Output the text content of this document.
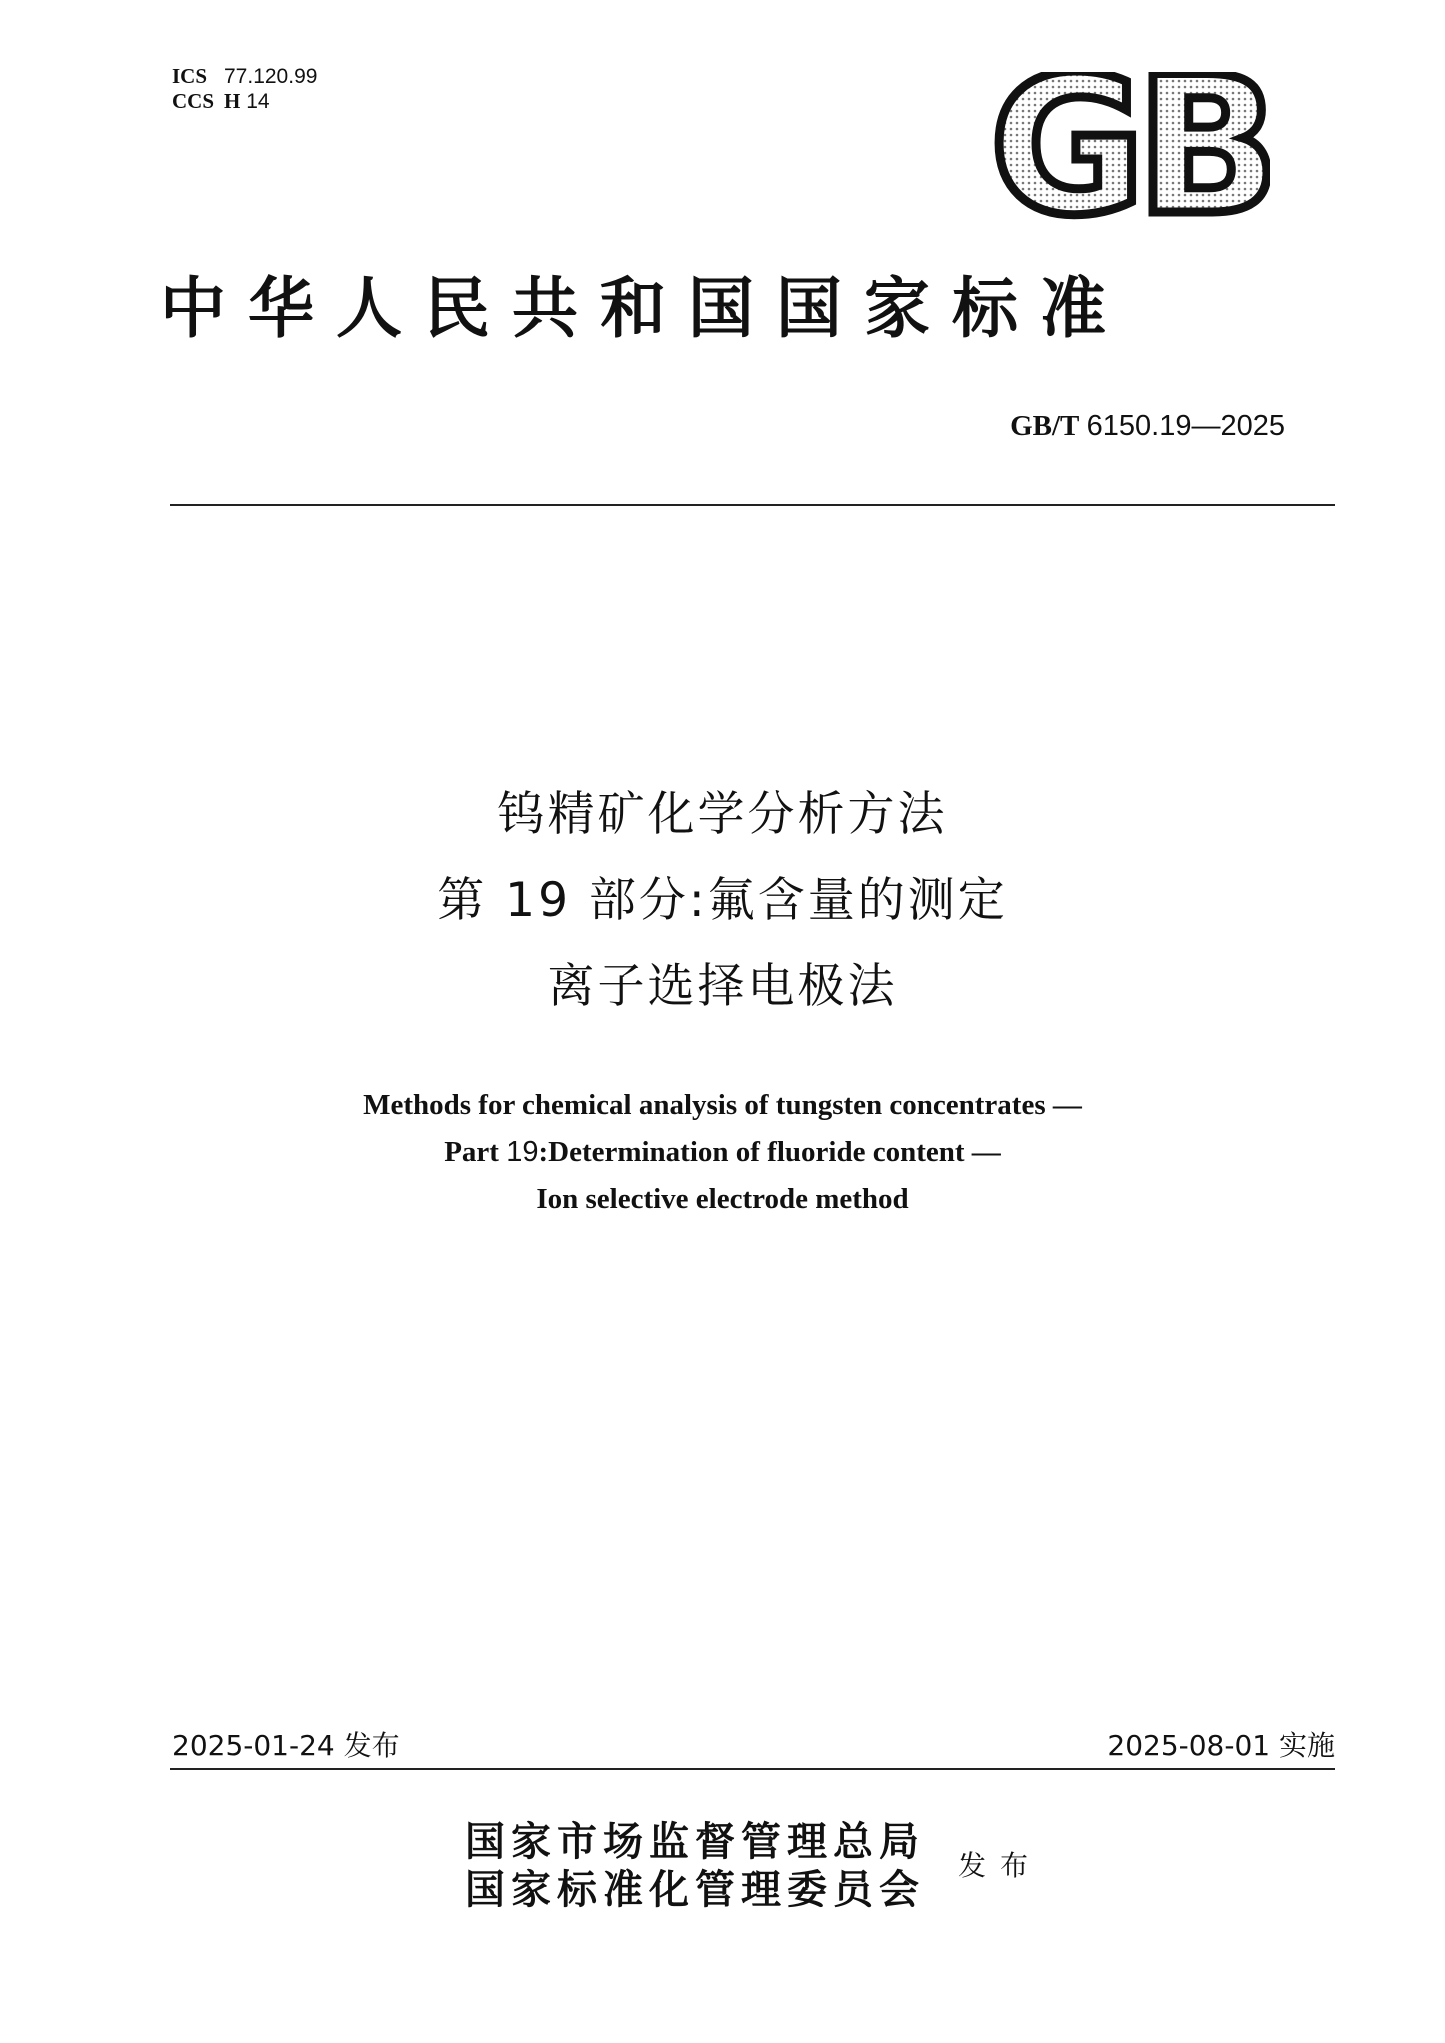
ICS 77.120.99
CCS H 14	GB
中华人民共和国国家标准
GB/T 6150.19—2025
钨精矿化学分析方法
第 19 部分:氟含量的测定
离子选择电极法
Methods for chemical analysis of tungsten concentrates —
Part 19:Determination of fluoride content —
Ion selective electrode method
2025-01-24 发布	2025-08-01 实施
国家市场监督管理总局
国家标准化管理委员会
发布
